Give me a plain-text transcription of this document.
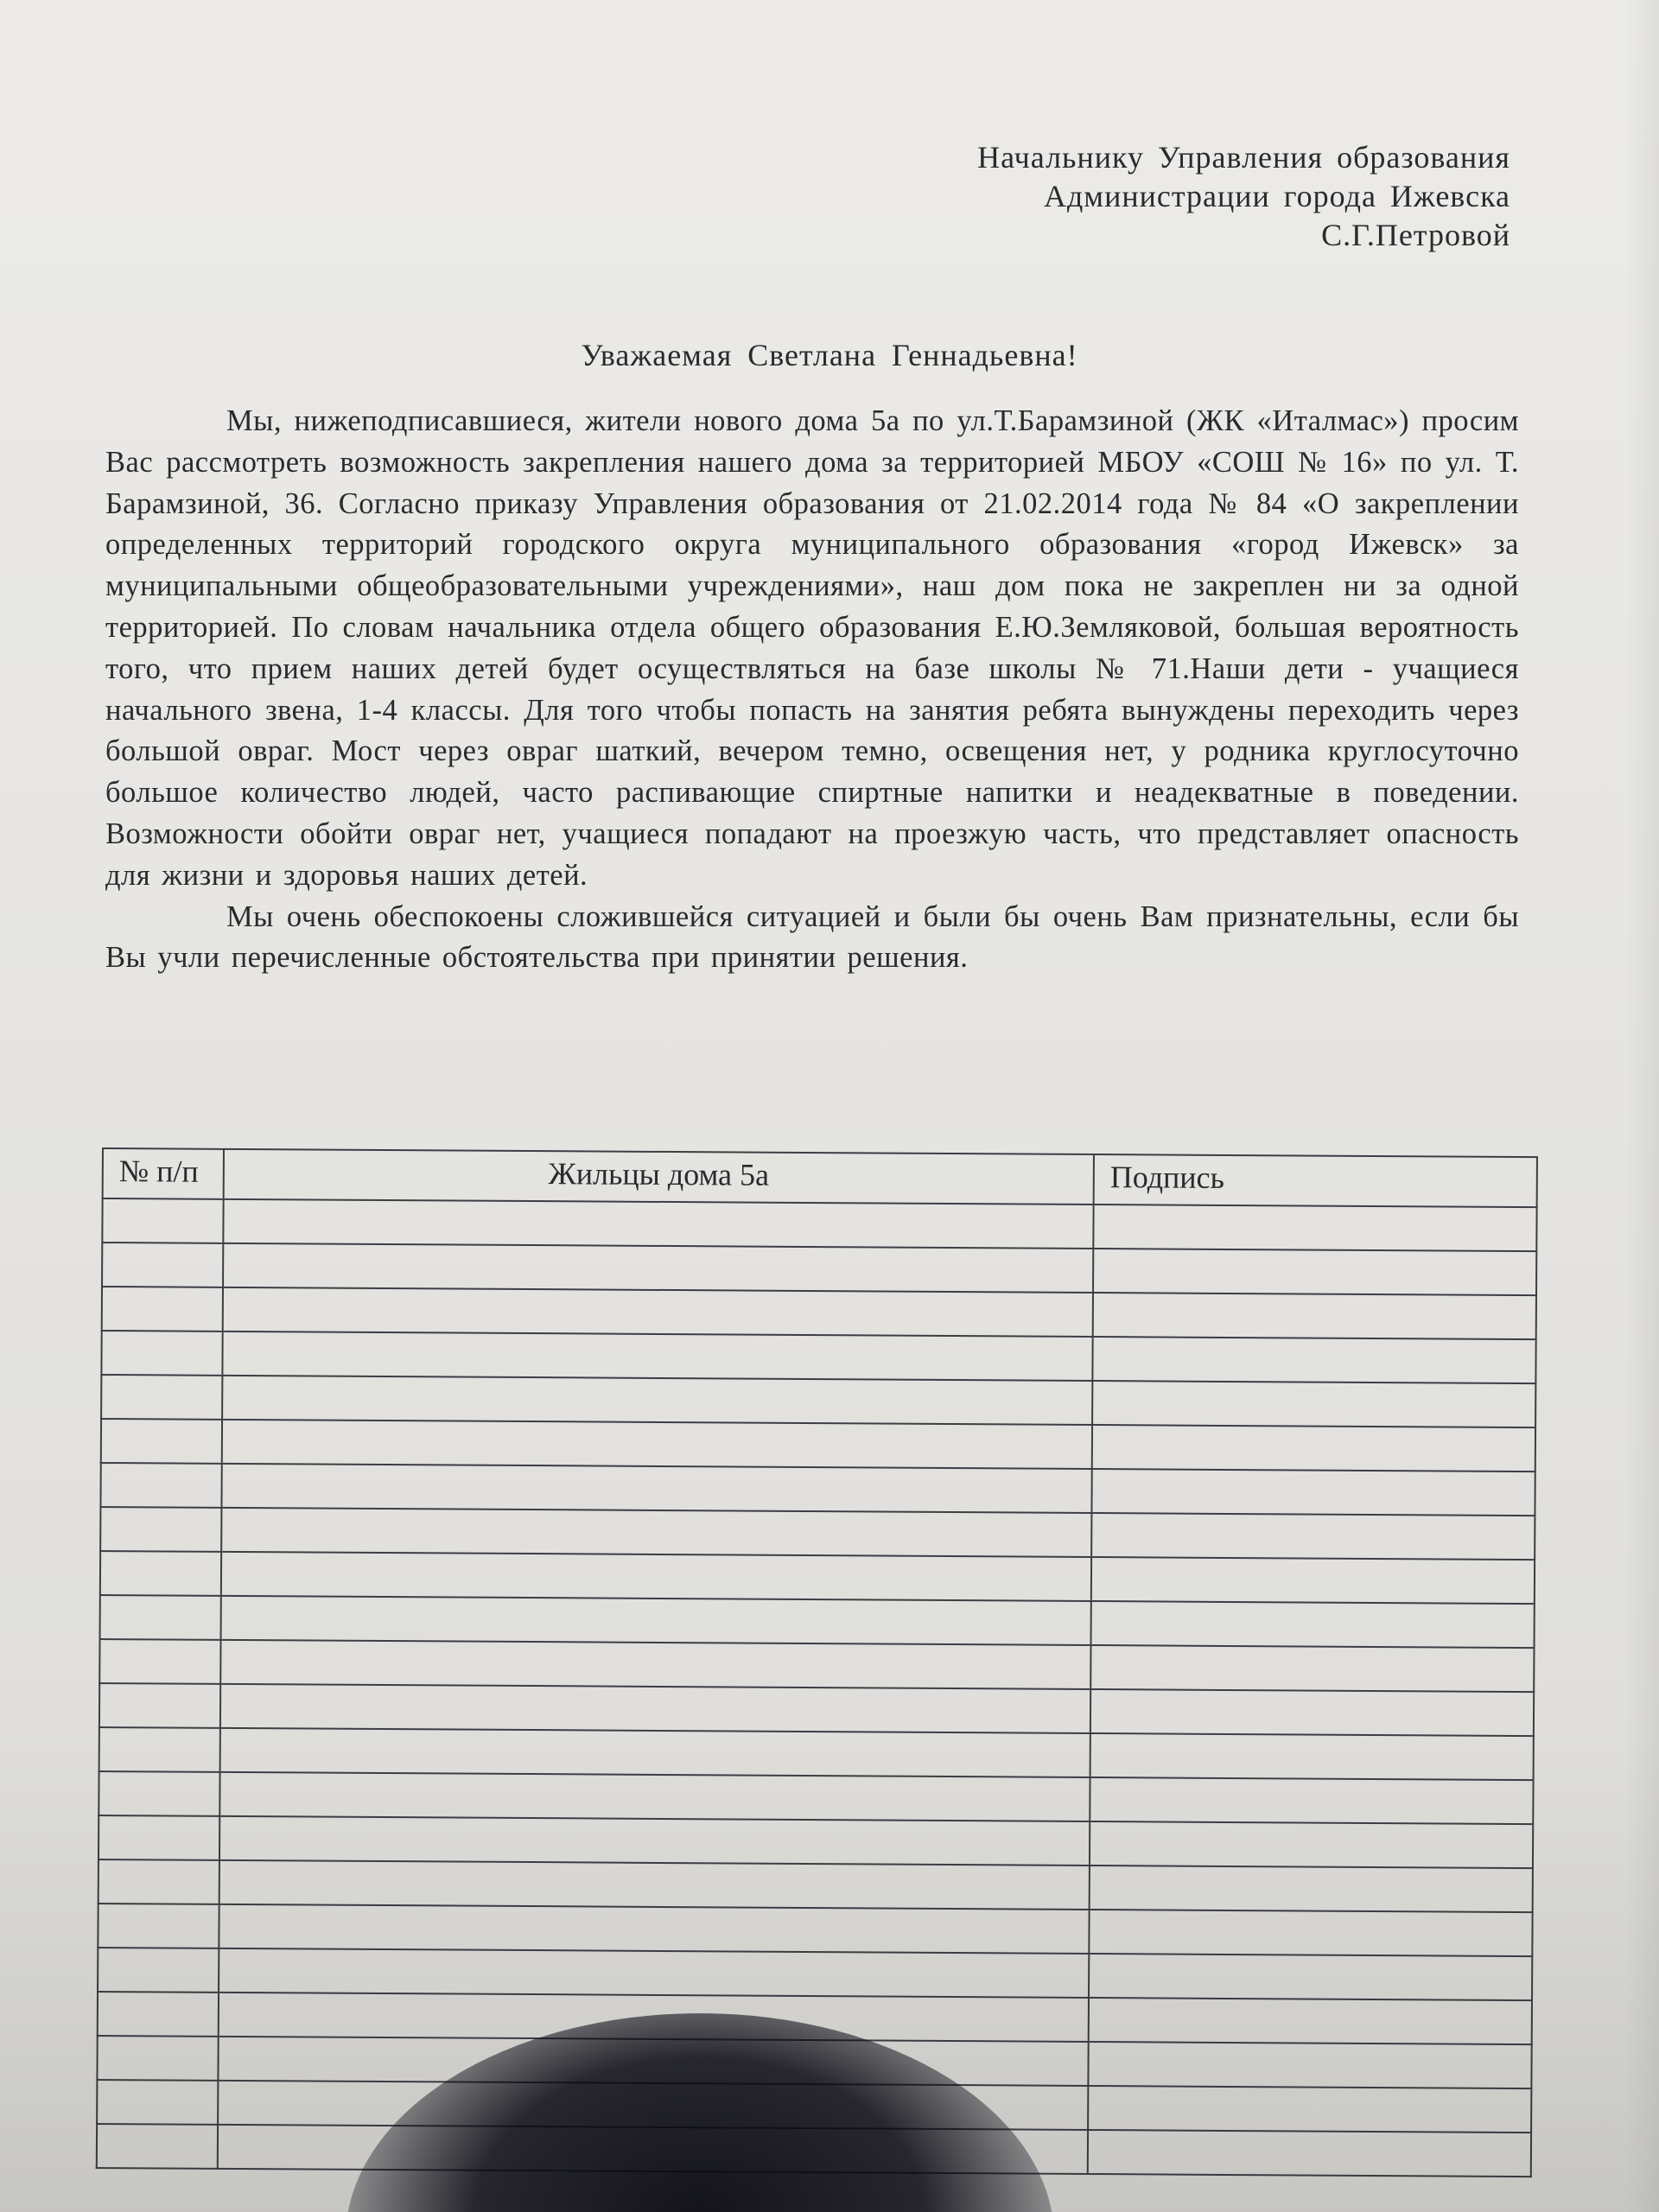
Начальнику Управления образования
Администрации города Ижевска
С.Г.Петровой
Уважаемая Светлана Геннадьевна!

Мы, нижеподписавшиеся, жители нового дома 5а по ул.Т.Барамзиной (ЖК «Италмас») просим Вас рассмотреть возможность закрепления нашего дома за территорией МБОУ «СОШ № 16» по ул. Т. Барамзиной, 36. Согласно приказу Управления образования от 21.02.2014 года № 84 «О закреплении определенных территорий городского округа муниципального образования «город Ижевск» за муниципальными общеобразовательными учреждениями», наш дом пока не закреплен ни за одной территорией. По словам начальника отдела общего образования Е.Ю.Земляковой, большая вероятность того, что прием наших детей будет осуществляться на базе школы № 71.Наши дети - учащиеся начального звена, 1-4 классы. Для того чтобы попасть на занятия ребята вынуждены переходить через большой овраг. Мост через овраг шаткий, вечером темно, освещения нет, у родника круглосуточно большое количество людей, часто распивающие спиртные напитки и неадекватные в поведении. Возможности обойти овраг нет, учащиеся попадают на проезжую часть, что представляет опасность для жизни и здоровья наших детей.

Мы очень обеспокоены сложившейся ситуацией и были бы очень Вам признательны, если бы Вы учли перечисленные обстоятельства при принятии решения.

№ п/п	Жильцы дома 5а	Подпись
